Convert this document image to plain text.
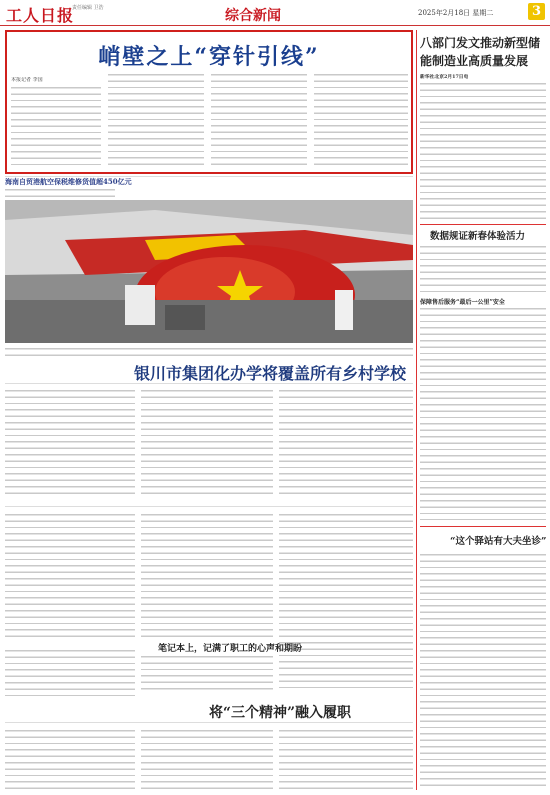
工人日报
责任编辑 卫浩	综合新闻	2025年2月18日 星期二	3
峭壁之上“穿针引线”
本报记者 李国
八部门发文推动新型储能制造业高质量发展
新华社北京2月17日电
数据规证新春体验活力
保障售后服务“最后一公里”安全
“这个驿站有大夫坐诊”
海南自贸港航空保税维修货值超450亿元
银川市集团化办学将覆盖所有乡村学校
笔记本上，记满了职工的心声和期盼
将“三个精神”融入履职
